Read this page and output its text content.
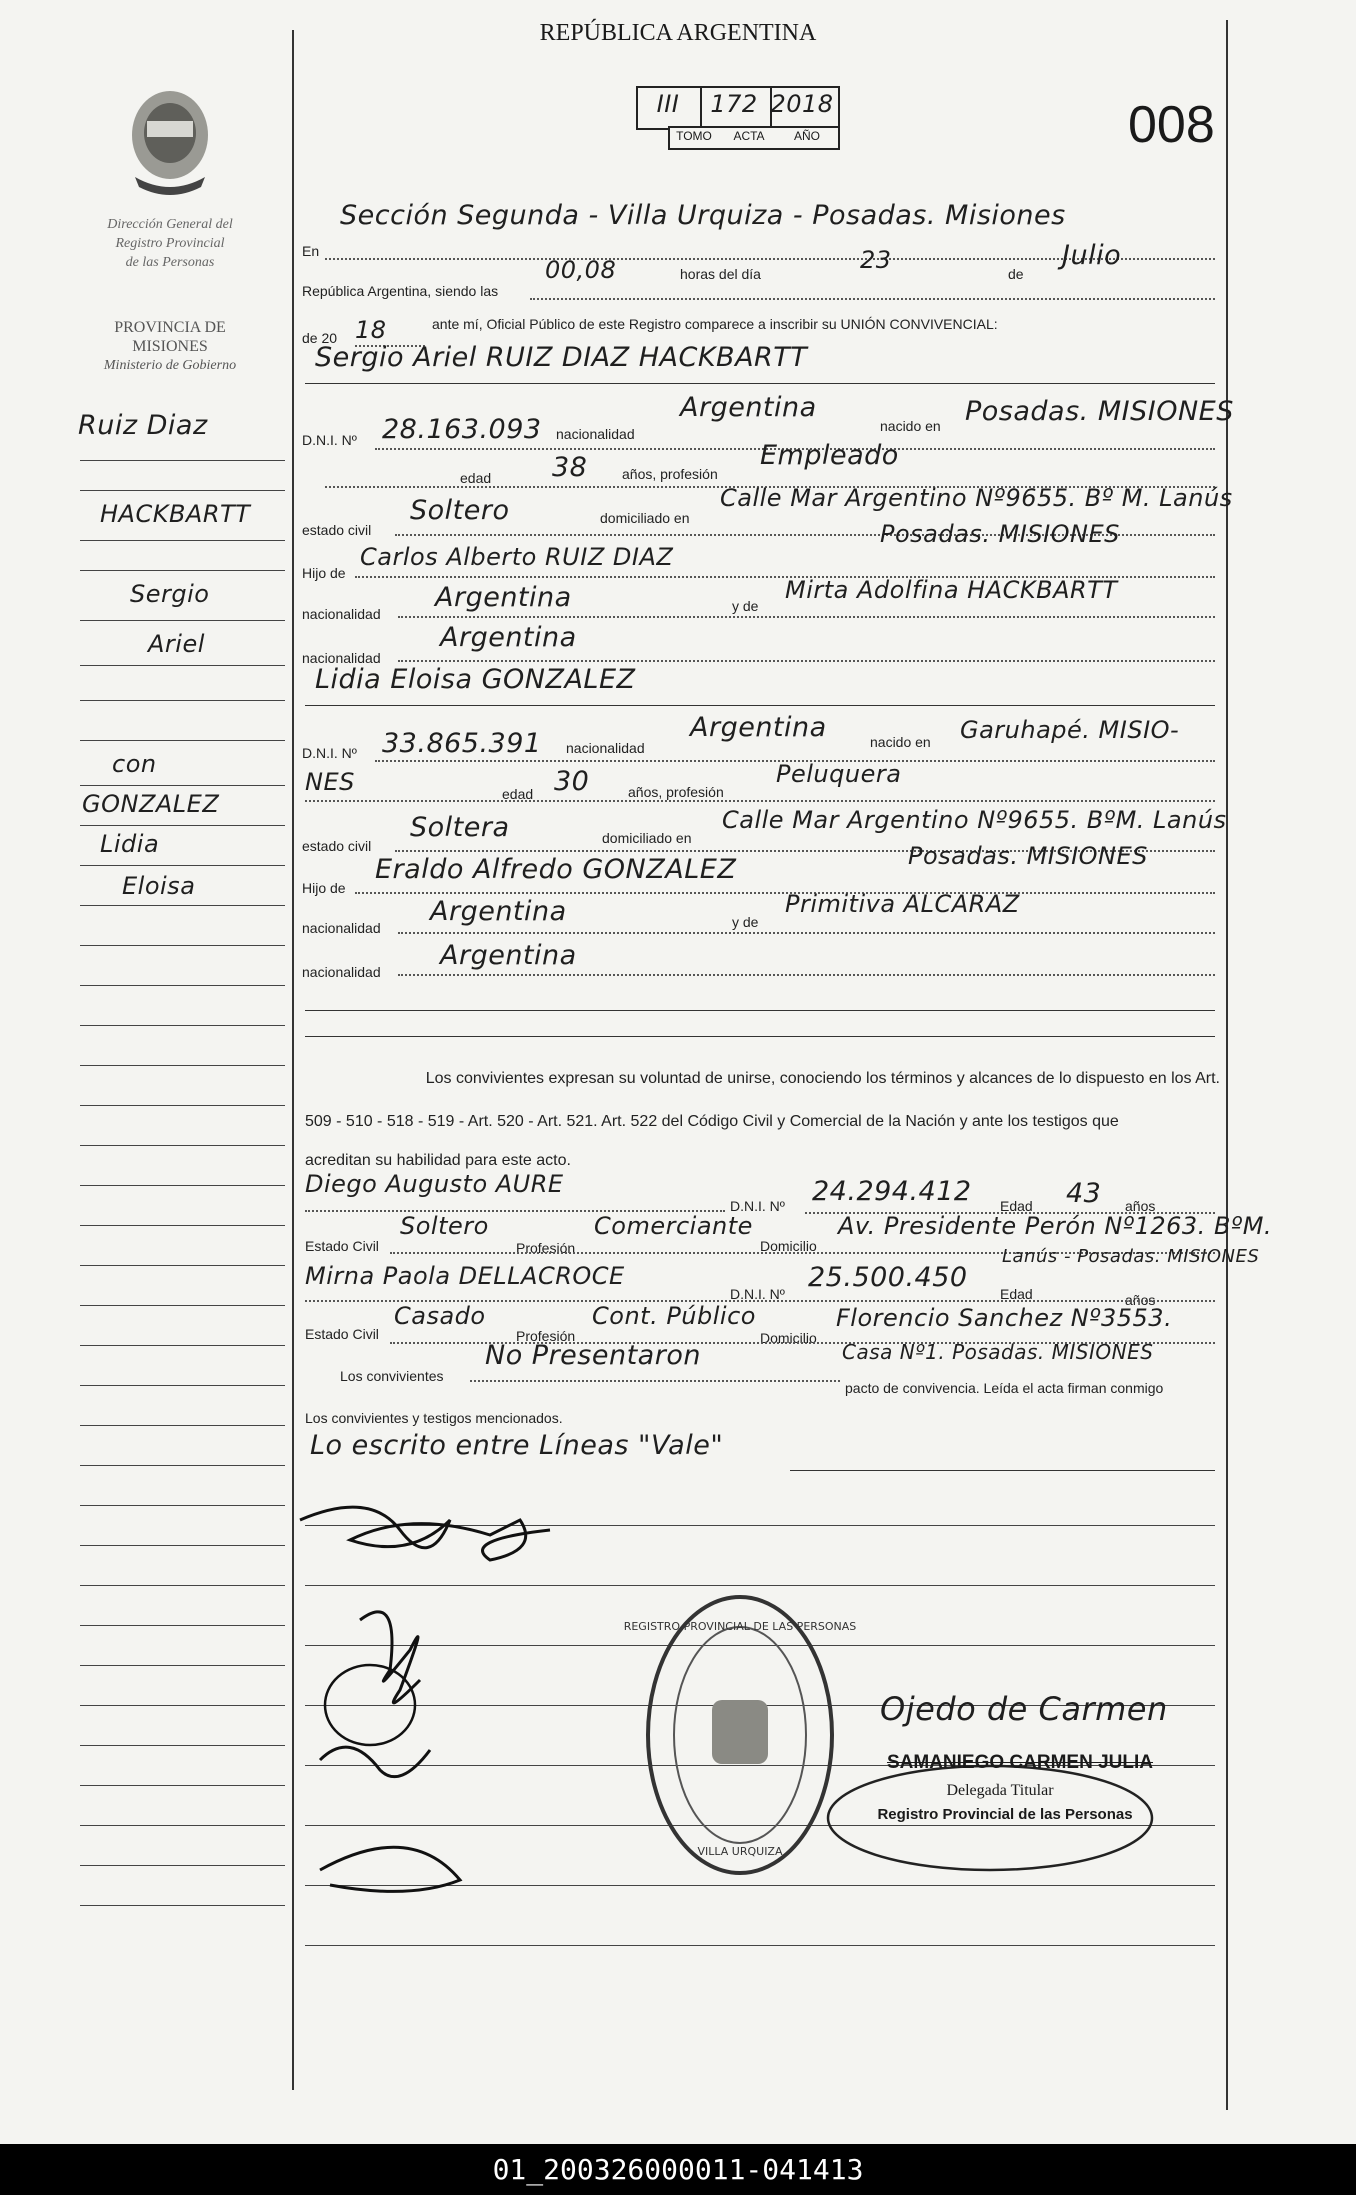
REPÚBLICA ARGENTINA
008
III	172 2018
TOMO	ACTA	AÑO
Dirección General del
Registro Provincial
de las Personas
PROVINCIA DE
MISIONES
Ministerio de Gobierno
Ruiz Diaz
HACKBARTT
Sergio
Ariel
con
GONZALEZ
Lidia
Eloisa
En
Sección Segunda - Villa Urquiza - Posadas. Misiones
República Argentina, siendo las
00,08	horas del día	23	de
Julio
de 20 18	ante mí, Oficial Público de este Registro comparece a inscribir su UNIÓN CONVIVENCIAL:
Sergio Ariel RUIZ DIAZ HACKBARTT
D.N.I. Nº 28.163.093 nacionalidad
Argentina
nacido en Posadas. MISIONES
edad 38 años, profesión
Empleado
estado civil
Soltero	domiciliado en
Calle Mar Argentino Nº9655. Bº M. Lanús
Posadas. MISIONES
Hijo de
Carlos Alberto RUIZ DIAZ
nacionalidad
Argentina	y de
Mirta Adolfina HACKBARTT
nacionalidad
Argentina
Lidia Eloisa GONZALEZ
D.N.I. Nº 33.865.391 nacionalidad
Argentina	nacido en Garuhapé. MISIO-
NES	edad 30	años, profesión
Peluquera
estado civil
Soltera	domiciliado en
Calle Mar Argentino Nº9655. BºM. Lanús
Posadas. MISIONES
Hijo de
Eraldo Alfredo GONZALEZ
nacionalidad
Argentina	y de
Primitiva ALCARAZ
nacionalidad
Argentina
Los convivientes expresan su voluntad de unirse, conociendo los términos y alcances de lo dispuesto en los Art.
509 - 510 - 518 - 519 - Art. 520 - Art. 521. Art. 522 del Código Civil y Comercial de la Nación y ante los testigos que
acreditan su habilidad para este acto.
Diego Augusto AURE
D.N.I. Nº 24.294.412 Edad 43 años
Estado Civil
Soltero
Profesión
Comerciante
Domicilio
Av. Presidente Perón Nº1263. BºM.
Lanús - Posadas. MISIONES
Mirna Paola DELLACROCE
D.N.I. Nº
25.500.450
Edad	años
Estado Civil
Casado
Profesión
Cont. Público
Domicilio
Florencio Sanchez Nº3553.
Casa Nº1. Posadas. MISIONES
Los convivientes
No Presentaron
pacto de convivencia. Leída el acta firman conmigo
Los convivientes y testigos mencionados.
Lo escrito entre Líneas "Vale"
REGISTRO PROVINCIAL DE LAS PERSONAS
VILLA URQUIZA
Ojedo de Carmen
SAMANIEGO CARMEN JULIA
Delegada Titular
Registro Provincial de las Personas
01_200326000011-041413
